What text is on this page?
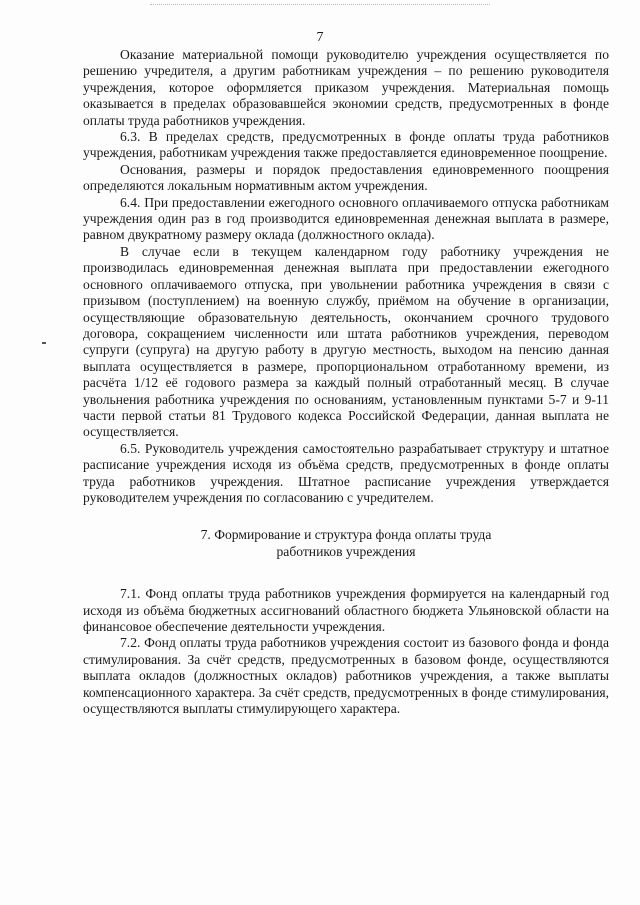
7

Оказание материальной помощи руководителю учреждения осуществляется по решению учредителя, а другим работникам учреждения – по решению руководителя учреждения, которое оформляется приказом учреждения. Материальная помощь оказывается в пределах образовавшейся экономии средств, предусмотренных в фонде оплаты труда работников учреждения.

6.3. В пределах средств, предусмотренных в фонде оплаты труда работников учреждения, работникам учреждения также предоставляется единовременное поощрение.

Основания, размеры и порядок предоставления единовременного поощрения определяются локальным нормативным актом учреждения.

6.4. При предоставлении ежегодного основного оплачиваемого отпуска работникам учреждения один раз в год производится единовременная денежная выплата в размере, равном двукратному размеру оклада (должностного оклада).

В случае если в текущем календарном году работнику учреждения не производилась единовременная денежная выплата при предоставлении ежегодного основного оплачиваемого отпуска, при увольнении работника учреждения в связи с призывом (поступлением) на военную службу, приёмом на обучение в организации, осуществляющие образовательную деятельность, окончанием срочного трудового договора, сокращением численности или штата работников учреждения, переводом супруги (супруга) на другую работу в другую местность, выходом на пенсию данная выплата осуществляется в размере, пропорциональном отработанному времени, из расчёта 1/12 её годового размера за каждый полный отработанный месяц. В случае увольнения работника учреждения по основаниям, установленным пунктами 5-7 и 9-11 части первой статьи 81 Трудового кодекса Российской Федерации, данная выплата не осуществляется.

6.5. Руководитель учреждения самостоятельно разрабатывает структуру и штатное расписание учреждения исходя из объёма средств, предусмотренных в фонде оплаты труда работников учреждения. Штатное расписание учреждения утверждается руководителем учреждения по согласованию с учредителем.

7. Формирование и структура фонда оплаты труда
работников учреждения

7.1. Фонд оплаты труда работников учреждения формируется на календарный год исходя из объёма бюджетных ассигнований областного бюджета Ульяновской области на финансовое обеспечение деятельности учреждения.

7.2. Фонд оплаты труда работников учреждения состоит из базового фонда и фонда стимулирования. За счёт средств, предусмотренных в базовом фонде, осуществляются выплата окладов (должностных окладов) работников учреждения, а также выплаты компенсационного характера. За счёт средств, предусмотренных в фонде стимулирования, осуществляются выплаты стимулирующего характера.
